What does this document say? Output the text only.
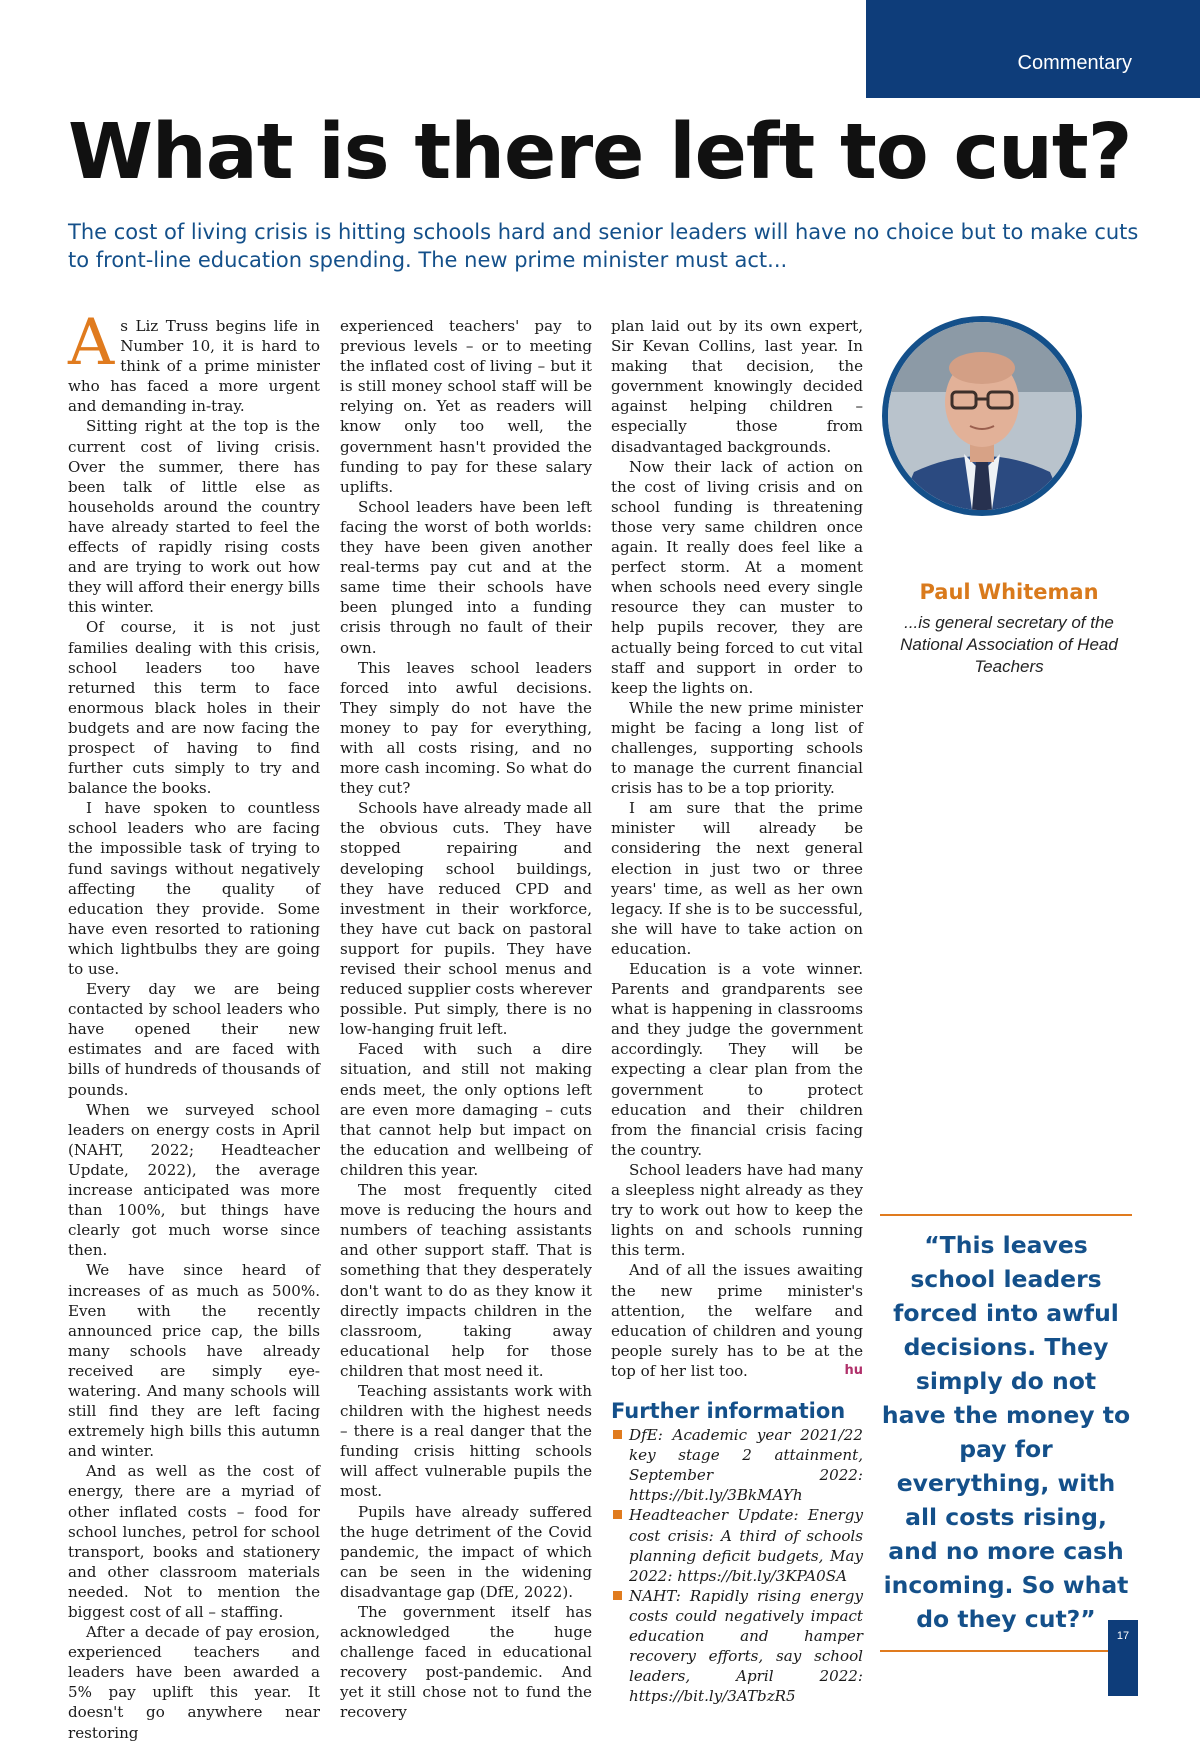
Commentary
What is there left to cut?

The cost of living crisis is hitting schools hard and senior leaders will have no choice but to make cuts to front-line education spending. The new prime minister must act...

As Liz Truss begins life in Number 10, it is hard to think of a prime minister who has faced a more urgent and demanding in-tray.

Sitting right at the top is the current cost of living crisis. Over the summer, there has been talk of little else as households around the country have already started to feel the effects of rapidly rising costs and are trying to work out how they will afford their energy bills this winter.

Of course, it is not just families dealing with this crisis, school leaders too have returned this term to face enormous black holes in their budgets and are now facing the prospect of having to find further cuts simply to try and balance the books.

I have spoken to countless school leaders who are facing the impossible task of trying to fund savings without negatively affecting the quality of education they provide. Some have even resorted to rationing which lightbulbs they are going to use.

Every day we are being contacted by school leaders who have opened their new estimates and are faced with bills of hundreds of thousands of pounds.

When we surveyed school leaders on energy costs in April (NAHT, 2022; Headteacher Update, 2022), the average increase anticipated was more than 100%, but things have clearly got much worse since then.

We have since heard of increases of as much as 500%. Even with the recently announced price cap, the bills many schools have already received are simply eye-watering. And many schools will still find they are left facing extremely high bills this autumn and winter.

And as well as the cost of energy, there are a myriad of other inflated costs – food for school lunches, petrol for school transport, books and stationery and other classroom materials needed. Not to mention the biggest cost of all – staffing.

After a decade of pay erosion, experienced teachers and leaders have been awarded a 5% pay uplift this year. It doesn't go anywhere near restoring

experienced teachers' pay to previous levels – or to meeting the inflated cost of living – but it is still money school staff will be relying on. Yet as readers will know only too well, the government hasn't provided the funding to pay for these salary uplifts.

School leaders have been left facing the worst of both worlds: they have been given another real-terms pay cut and at the same time their schools have been plunged into a funding crisis through no fault of their own.

This leaves school leaders forced into awful decisions. They simply do not have the money to pay for everything, with all costs rising, and no more cash incoming. So what do they cut?

Schools have already made all the obvious cuts. They have stopped repairing and developing school buildings, they have reduced CPD and investment in their workforce, they have cut back on pastoral support for pupils. They have revised their school menus and reduced supplier costs wherever possible. Put simply, there is no low-hanging fruit left.

Faced with such a dire situation, and still not making ends meet, the only options left are even more damaging – cuts that cannot help but impact on the education and wellbeing of children this year.

The most frequently cited move is reducing the hours and numbers of teaching assistants and other support staff. That is something that they desperately don't want to do as they know it directly impacts children in the classroom, taking away educational help for those children that most need it.

Teaching assistants work with children with the highest needs – there is a real danger that the funding crisis hitting schools will affect vulnerable pupils the most.

Pupils have already suffered the huge detriment of the Covid pandemic, the impact of which can be seen in the widening disadvantage gap (DfE, 2022).

The government itself has acknowledged the huge challenge faced in educational recovery post-pandemic. And yet it still chose not to fund the recovery

plan laid out by its own expert, Sir Kevan Collins, last year. In making that decision, the government knowingly decided against helping children – especially those from disadvantaged backgrounds.

Now their lack of action on the cost of living crisis and on school funding is threatening those very same children once again. It really does feel like a perfect storm. At a moment when schools need every single resource they can muster to help pupils recover, they are actually being forced to cut vital staff and support in order to keep the lights on.

While the new prime minister might be facing a long list of challenges, supporting schools to manage the current financial crisis has to be a top priority.

I am sure that the prime minister will already be considering the next general election in just two or three years' time, as well as her own legacy. If she is to be successful, she will have to take action on education.

Education is a vote winner. Parents and grandparents see what is happening in classrooms and they judge the government accordingly. They will be expecting a clear plan from the government to protect education and their children from the financial crisis facing the country.

School leaders have had many a sleepless night already as they try to work out how to keep the lights on and schools running this term.

And of all the issues awaiting the new prime minister's attention, the welfare and education of children and young people surely has to be at the top of her list too.	hu

Further information
DfE: Academic year 2021/22 key stage 2 attainment, September 2022: https://bit.ly/3BkMAYh
Headteacher Update: Energy cost crisis: A third of schools planning deficit budgets, May 2022: https://bit.ly/3KPA0SA
NAHT: Rapidly rising energy costs could negatively impact education and hamper recovery efforts, say school leaders, April 2022: https://bit.ly/3ATbzR5
Paul Whiteman
...is general secretary of the National Association of Head Teachers

“This leaves school leaders forced into awful decisions. They simply do not have the money to pay for everything, with all costs rising, and no more cash incoming. So what do they cut?”

17
